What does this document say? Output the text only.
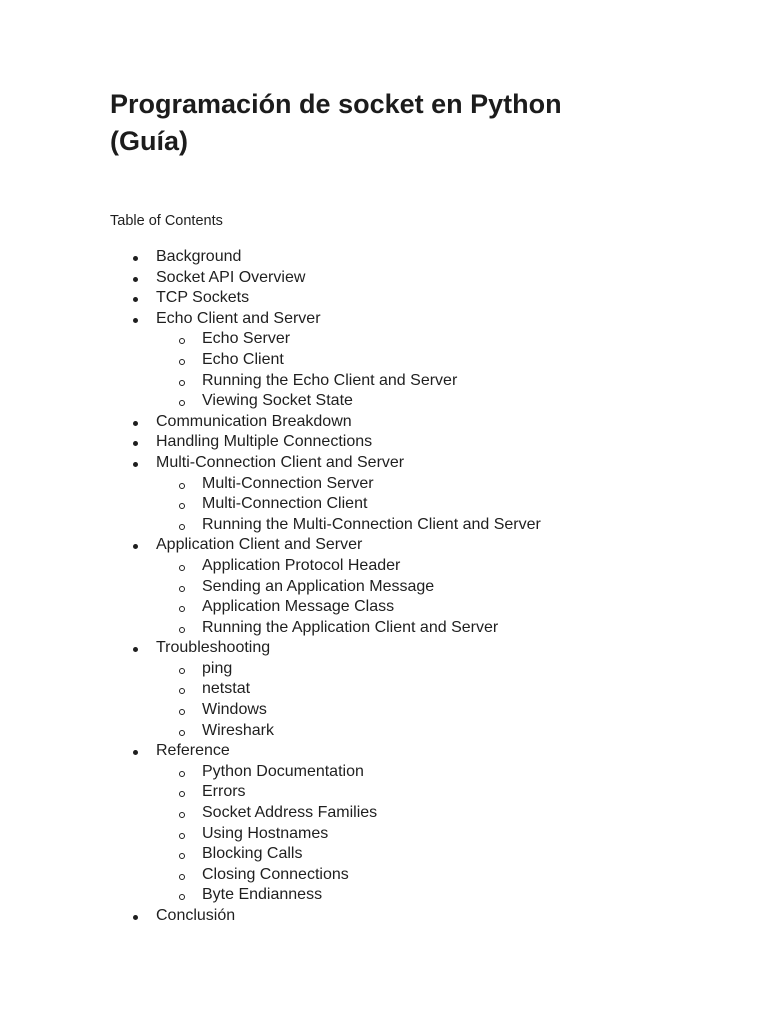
Programación de socket en Python (Guía)
Table of Contents
Background
Socket API Overview
TCP Sockets
Echo Client and Server
Echo Server
Echo Client
Running the Echo Client and Server
Viewing Socket State
Communication Breakdown
Handling Multiple Connections
Multi-Connection Client and Server
Multi-Connection Server
Multi-Connection Client
Running the Multi-Connection Client and Server
Application Client and Server
Application Protocol Header
Sending an Application Message
Application Message Class
Running the Application Client and Server
Troubleshooting
ping
netstat
Windows
Wireshark
Reference
Python Documentation
Errors
Socket Address Families
Using Hostnames
Blocking Calls
Closing Connections
Byte Endianness
Conclusión
